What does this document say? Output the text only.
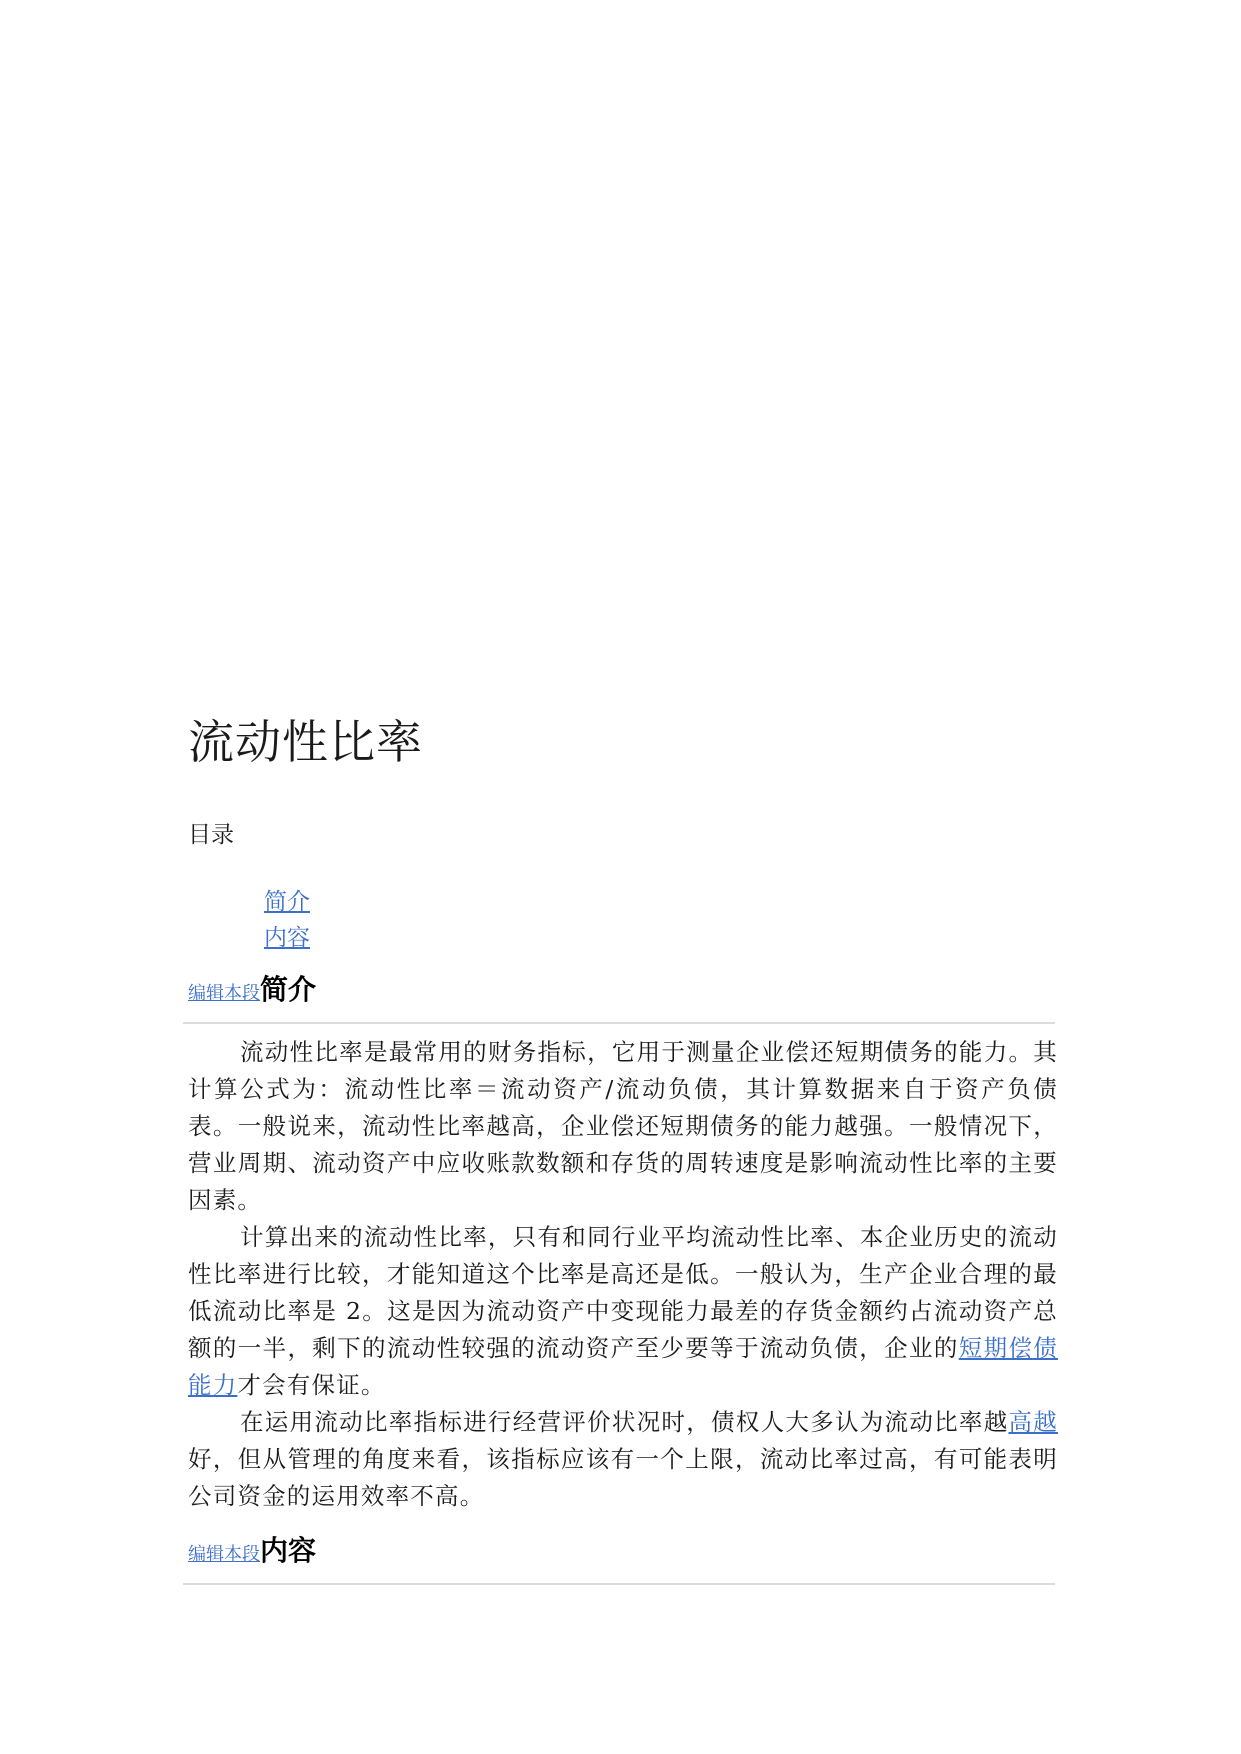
流动性比率
目录
简介
内容
编辑本段 简介

流动性比率是最常用的财务指标，它用于测量企业偿还短期债务的能力。其计算公式为：流动性比率＝流动资产/流动负债，其计算数据来自于资产负债表。一般说来，流动性比率越高，企业偿还短期债务的能力越强。一般情况下，营业周期、流动资产中应收账款数额和存货的周转速度是影响流动性比率的主要因素。

计算出来的流动性比率，只有和同行业平均流动性比率、本企业历史的流动性比率进行比较，才能知道这个比率是高还是低。一般认为，生产企业合理的最低流动比率是 2。这是因为流动资产中变现能力最差的存货金额约占流动资产总额的一半，剩下的流动性较强的流动资产至少要等于流动负债，企业的短期偿债能力才会有保证。

在运用流动比率指标进行经营评价状况时，债权人大多认为流动比率越高越好，但从管理的角度来看，该指标应该有一个上限，流动比率过高，有可能表明公司资金的运用效率不高。

编辑本段 内容
